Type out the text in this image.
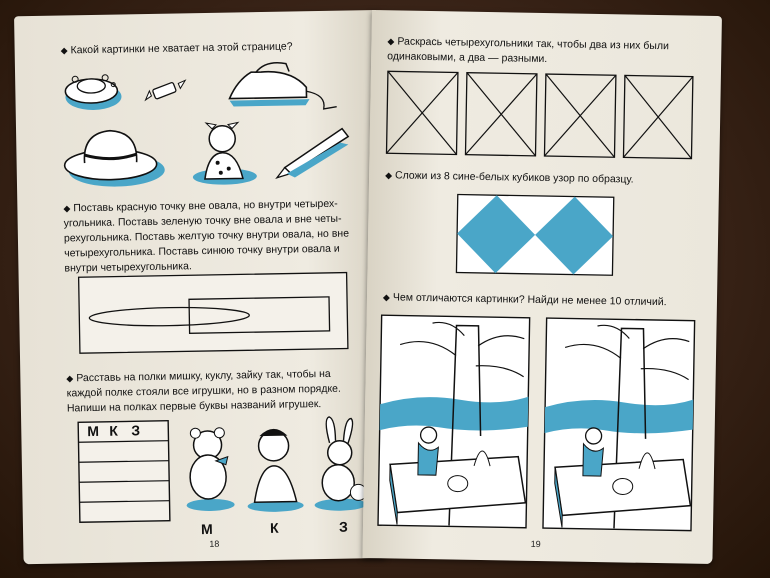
◆ Какой картинки не хватает на этой странице?
◆ Поставь красную точку вне овала, но внутри четырех-угольника. Поставь зеленую точку вне овала и вне четы-рехугольника. Поставь желтую точку внутри овала, но вне четырехугольника. Поставь синюю точку внутри овала и внутри четырехугольника.
◆ Расставь на полки мишку, куклу, зайку так, чтобы на каждой полке стояли все игрушки, но в разном порядке. Напиши на полках первые буквы названий игрушек.
М К З
М	К	З
18
◆ Раскрась четырехугольники так, чтобы два из них были одинаковыми, а два — разными.
◆ Сложи из 8 сине-белых кубиков узор по образцу.
◆ Чем отличаются картинки? Найди не менее 10 отличий.
19
